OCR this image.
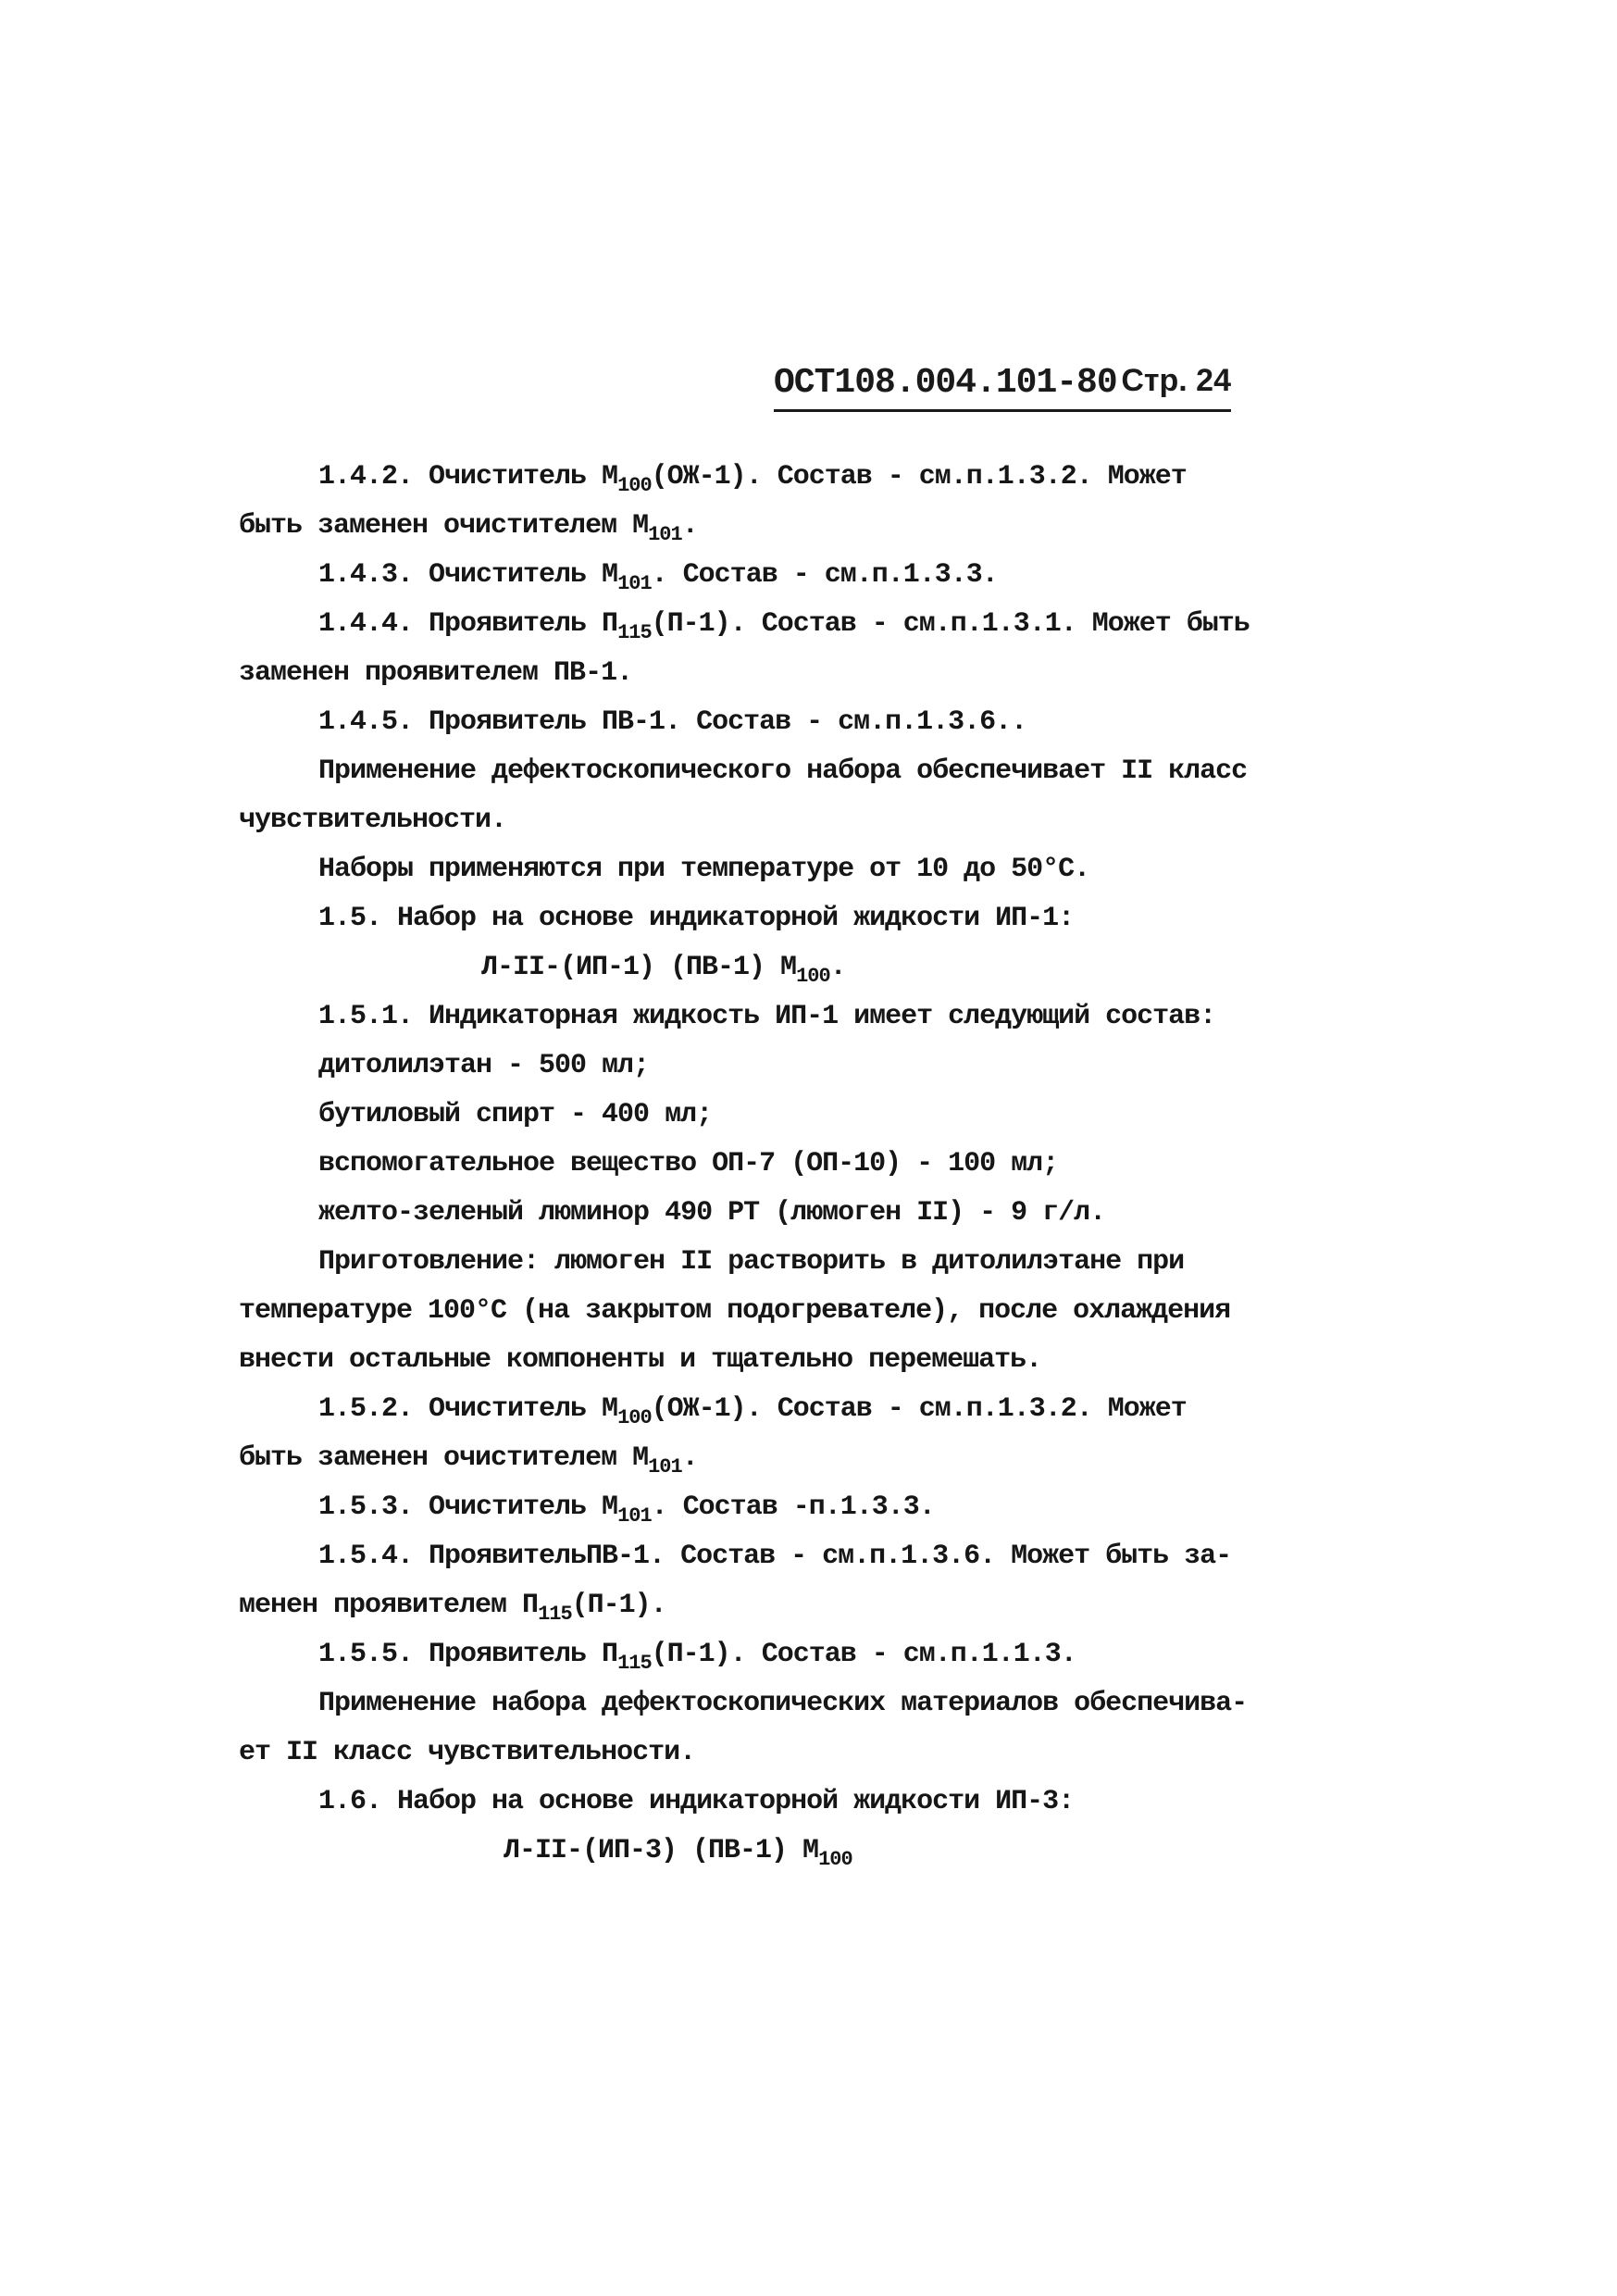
ОСТ108.004.101-80 Стр. 24
1.4.2. Очиститель $M_{100}(ОЖ-1)$. Состав - см.п.1.3.2. Может
быть заменен очистителем $M_{101}$.
1.4.3. Очиститель $M_{101}$. Состав - см.п.1.3.3.
1.4.4. Проявитель $П_{115}(П-1)$. Состав - см.п.1.3.1. Может быть
заменен проявителем ПВ-1.
1.4.5. Проявитель ПВ-1. Состав - см.п.1.3.6..
Применение дефектоскопического набора обеспечивает II класс
чувствительности.
Наборы применяются при температуре от 10 до 50°С.
1.5. Набор на основе индикаторной жидкости ИП-1:
Л-II-(ИП-1) (ПВ-1) $M_{100}$.
1.5.1. Индикаторная жидкость ИП-1 имеет следующий состав:
дитолилэтан - 500 мл;
бутиловый спирт - 400 мл;
вспомогательное вещество ОП-7 (ОП-10) - 100 мл;
желто-зеленый люминор 490 РТ (люмоген II) - 9 г/л.
Приготовление: люмоген II растворить в дитолилэтане при
температуре 100°С (на закрытом подогревателе), после охлаждения
внести остальные компоненты и тщательно перемешать.
1.5.2. Очиститель $M_{100}(ОЖ-1)$. Состав - см.п.1.3.2. Может
быть заменен очистителем $M_{101}$.
1.5.3. Очиститель $M_{101}$. Состав -п.1.3.3.
1.5.4. ПроявительПВ-1. Состав - см.п.1.3.6. Может быть за-
менен проявителем $П_{115}(П-1)$.
1.5.5. Проявитель $П_{115}(П-1)$. Состав - см.п.1.1.3.
Применение набора дефектоскопических материалов обеспечива-
ет II класс чувствительности.
1.6. Набор на основе индикаторной жидкости ИП-3:
Л-II-(ИП-3) (ПВ-1) $M_{100}$
